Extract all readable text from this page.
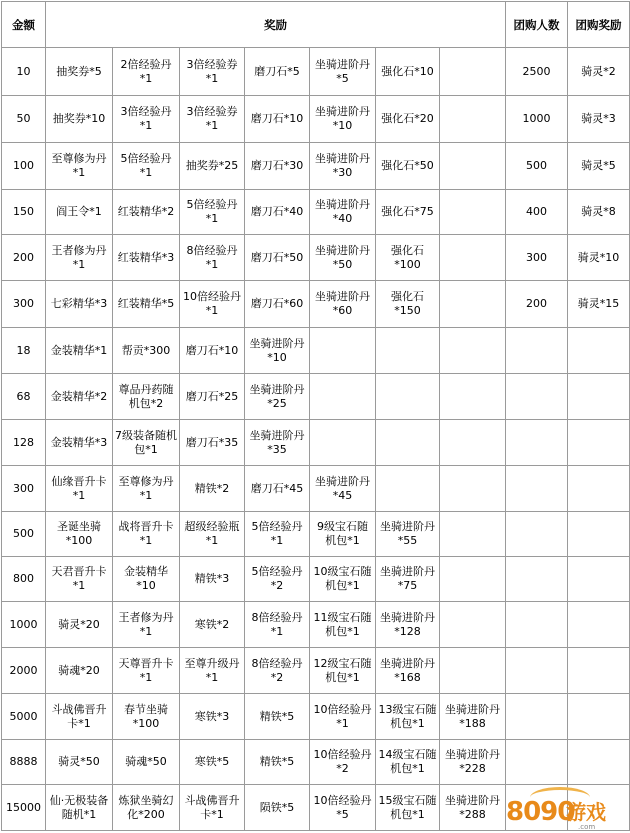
金额	奖励							团购人数	团购奖励
10	抽奖券*5	2倍经验丹*1	3倍经验券*1	磨刀石*5	坐骑进阶丹*5	强化石*10		2500	骑灵*2
50	抽奖券*10	3倍经验丹*1	3倍经验券*1	磨刀石*10	坐骑进阶丹*10	强化石*20		1000	骑灵*3
100	至尊修为丹*1	5倍经验丹*1	抽奖券*25	磨刀石*30	坐骑进阶丹*30	强化石*50		500	骑灵*5
150	阎王令*1	红装精华*2	5倍经验丹*1	磨刀石*40	坐骑进阶丹*40	强化石*75		400	骑灵*8
200	王者修为丹*1	红装精华*3	8倍经验丹*1	磨刀石*50	坐骑进阶丹*50	强化石*100		300	骑灵*10
300	七彩精华*3	红装精华*5	10倍经验丹*1	磨刀石*60	坐骑进阶丹*60	强化石*150		200	骑灵*15
18	金装精华*1	帮贡*300	磨刀石*10	坐骑进阶丹*10					
68	金装精华*2	尊品丹药随机包*2	磨刀石*25	坐骑进阶丹*25					
128	金装精华*3	7级装备随机包*1	磨刀石*35	坐骑进阶丹*35					
300	仙缘晋升卡*1	至尊修为丹*1	精铁*2	磨刀石*45	坐骑进阶丹*45				
500	圣诞坐骑*100	战将晋升卡*1	超级经验瓶*1	5倍经验丹*1	9级宝石随机包*1	坐骑进阶丹*55			
800	天君晋升卡*1	金装精华*10	精铁*3	5倍经验丹*2	10级宝石随机包*1	坐骑进阶丹*75			
1000	骑灵*20	王者修为丹*1	寒铁*2	8倍经验丹*1	11级宝石随机包*1	坐骑进阶丹*128			
2000	骑魂*20	天尊晋升卡*1	至尊升级丹*1	8倍经验丹*2	12级宝石随机包*1	坐骑进阶丹*168			
5000	斗战佛晋升卡*1	春节坐骑*100	寒铁*3	精铁*5	10倍经验丹*1	13级宝石随机包*1	坐骑进阶丹*188		
8888	骑灵*50	骑魂*50	寒铁*5	精铁*5	10倍经验丹*2	14级宝石随机包*1	坐骑进阶丹*228		
15000	仙·无极装备随机*1	炼狱坐骑幻化*200	斗战佛晋升卡*1	陨铁*5	10倍经验丹*5	15级宝石随机包*1	坐骑进阶丹*288		8090
游戏
.com
